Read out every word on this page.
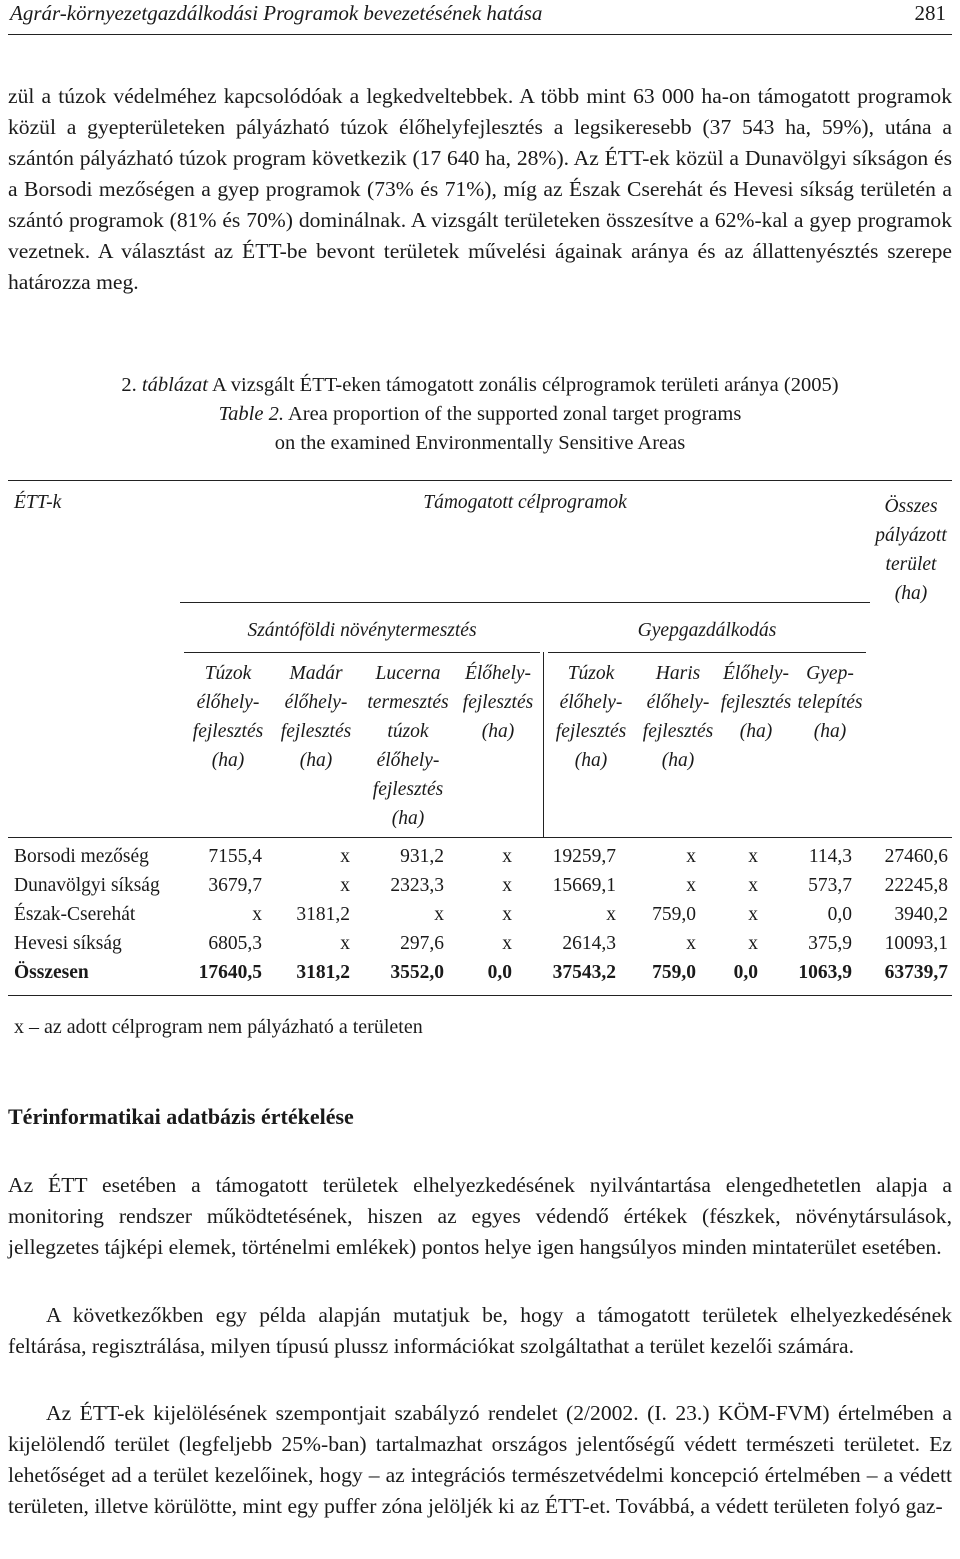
Agrár-környezetgazdálkodási Programok bevezetésének hatása	281

zül a túzok védelméhez kapcsolódóak a legkedveltebbek. A több mint 63 000 ha-on támogatott programok közül a gyepterületeken pályázható túzok élőhelyfejlesztés a legsikeresebb (37 543 ha, 59%), utána a szántón pályázható túzok program következik (17 640 ha, 28%). Az ÉTT-ek közül a Dunavölgyi síkságon és a Borsodi mezőségen a gyep programok (73% és 71%), míg az Észak Cserehát és Hevesi síkság területén a szántó programok (81% és 70%) dominálnak. A vizsgált területeken összesítve a 62%-kal a gyep programok vezetnek. A választást az ÉTT-be bevont területek művelési ágainak aránya és az állattenyésztés szerepe határozza meg.

2. táblázat A vizsgált ÉTT-eken támogatott zonális célprogramok területi aránya (2005)
Table 2. Area proportion of the supported zonal target programs
on the examined Environmentally Sensitive Areas
ÉTT-k	Támogatott célprogramok	Összes
pályázott
terület
(ha)
Szántóföldi növénytermesztés	Gyepgazdálkodás
Túzok
élőhely-
fejlesztés
(ha)
Madár
élőhely-
fejlesztés
(ha)
Lucerna
termesztés
túzok
élőhely-
fejlesztés
(ha)
Élőhely-
fejlesztés
(ha)
Túzok
élőhely-
fejlesztés
(ha)
Haris
élőhely-
fejlesztés
(ha)
Élőhely-
fejlesztés
(ha)
Gyep-
telepítés
(ha)
Borsodi mezőség	7155,4	x	931,2	x 19259,7	x	x	114,3 27460,6
Dunavölgyi síkság 3679,7	x 2323,3	x 15669,1	x	x	573,7 22245,8
Észak-Cserehát	x 3181,2	x	x	x 759,0	x	0,0 3940,2
Hevesi síkság	6805,3	x	297,6	x	2614,3	x	x	375,9 10093,1
Összesen	17640,5 3181,2 3552,0 0,0 37543,2 759,0 0,0 1063,9 63739,7
x – az adott célprogram nem pályázható a területen
Térinformatikai adatbázis értékelése

Az ÉTT esetében a támogatott területek elhelyezkedésének nyilvántartása elengedhetetlen alapja a monitoring rendszer működtetésének, hiszen az egyes védendő értékek (fészkek, növénytársulások, jellegzetes tájképi elemek, történelmi emlékek) pontos helye igen hangsúlyos minden mintaterület esetében.

A következőkben egy példa alapján mutatjuk be, hogy a támogatott területek elhelyezkedésének feltárása, regisztrálása, milyen típusú plussz információkat szolgáltathat a terület kezelői számára.

Az ÉTT-ek kijelölésének szempontjait szabályzó rendelet (2/2002. (I. 23.) KÖM-FVM) értelmében a kijelölendő terület (legfeljebb 25%-ban) tartalmazhat országos jelentőségű védett természeti területet. Ez lehetőséget ad a terület kezelőinek, hogy – az integrációs természetvédelmi koncepció értelmében – a védett területen, illetve körülötte, mint egy puffer zóna jelöljék ki az ÉTT-et. Továbbá, a védett területen folyó gaz-
